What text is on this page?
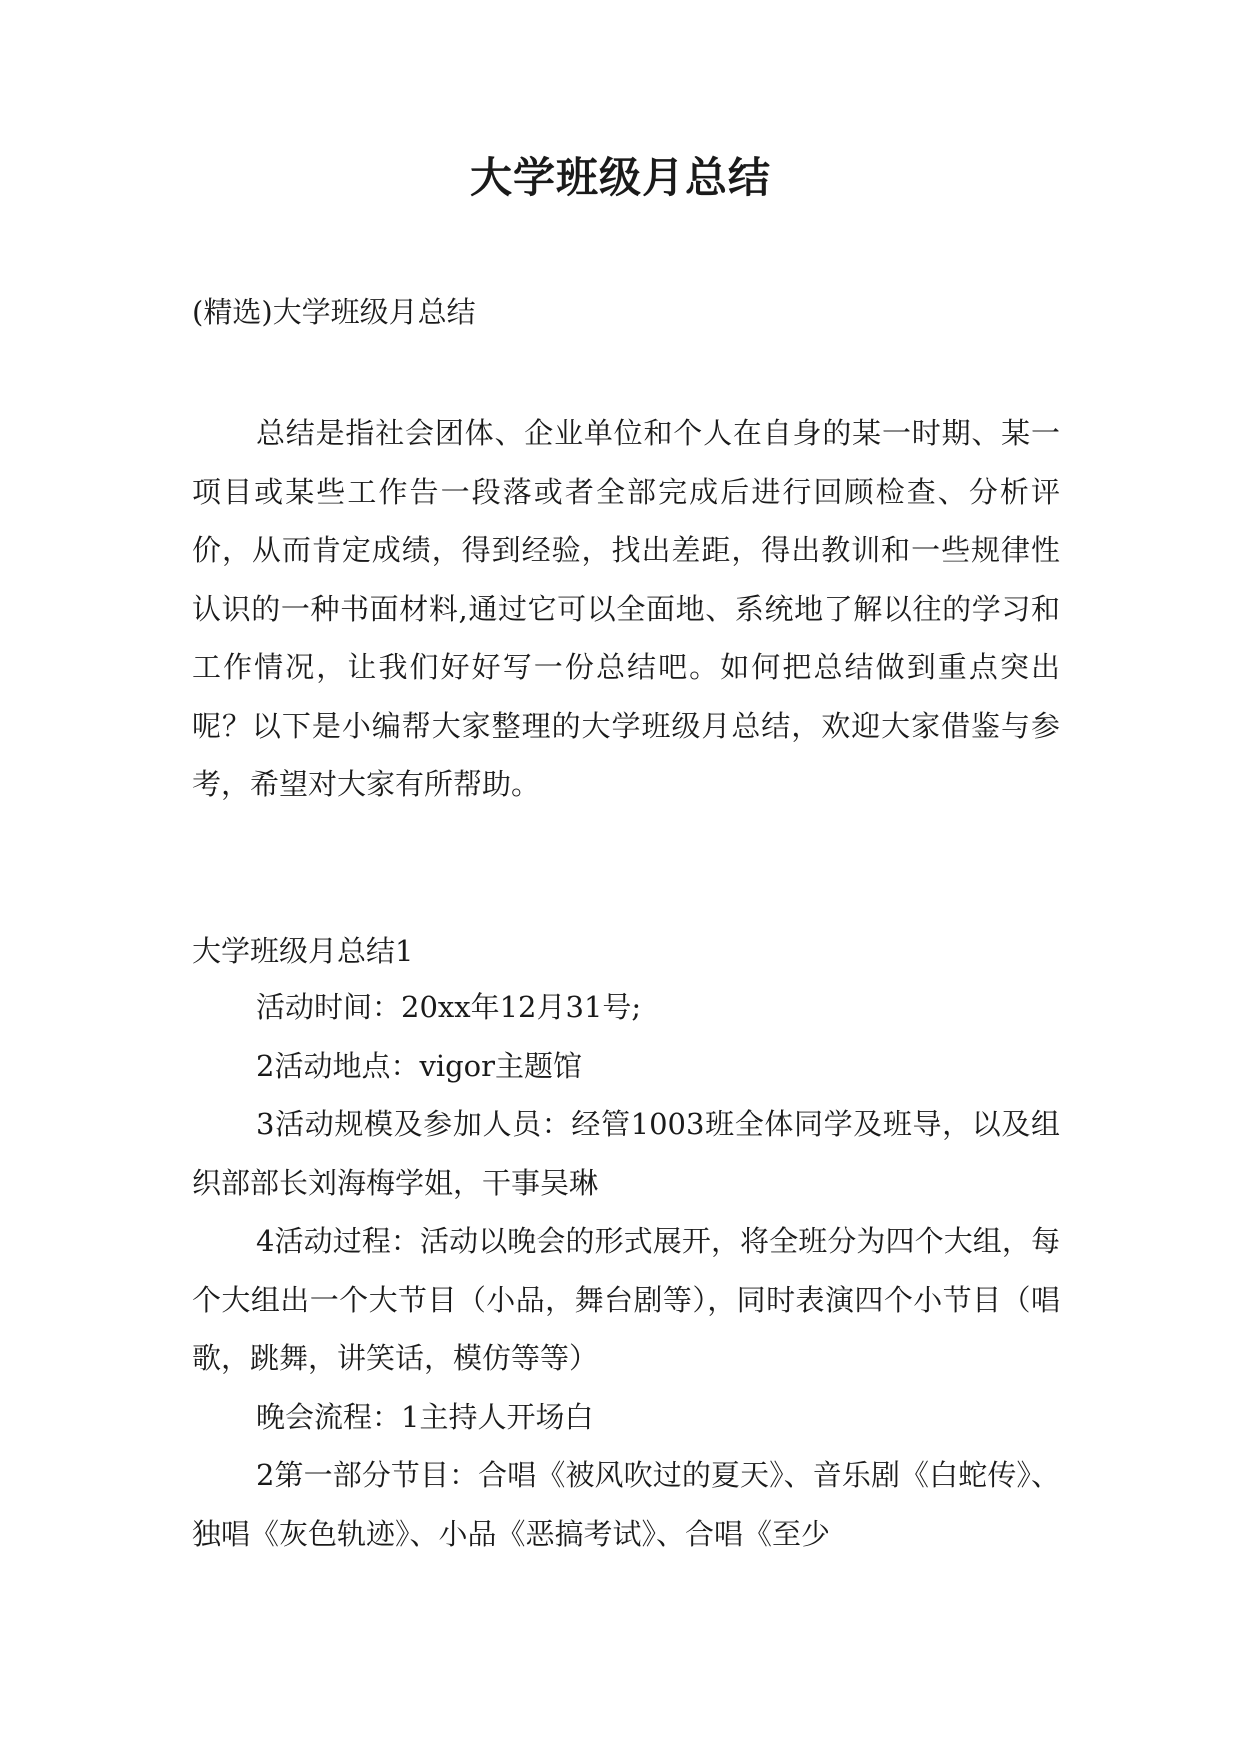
大学班级月总结

(精选)大学班级月总结

总结是指社会团体、企业单位和个人在自身的某一时期、某一项目或某些工作告一段落或者全部完成后进行回顾检查、分析评价，从而肯定成绩，得到经验，找出差距，得出教训和一些规律性认识的一种书面材料,通过它可以全面地、系统地了解以往的学习和工作情况，让我们好好写一份总结吧。如何把总结做到重点突出呢？以下是小编帮大家整理的大学班级月总结，欢迎大家借鉴与参考，希望对大家有所帮助。

大学班级月总结1

活动时间：20xx年12月31号;

2活动地点：vigor主题馆

3活动规模及参加人员：经管1003班全体同学及班导，以及组织部部长刘海梅学姐，干事吴琳

4活动过程：活动以晚会的形式展开，将全班分为四个大组，每个大组出一个大节目（小品，舞台剧等），同时表演四个小节目（唱歌，跳舞，讲笑话，模仿等等）

晚会流程：1主持人开场白

2第一部分节目：合唱《被风吹过的夏天》、音乐剧《白蛇传》、独唱《灰色轨迹》、小品《恶搞考试》、合唱《至少
